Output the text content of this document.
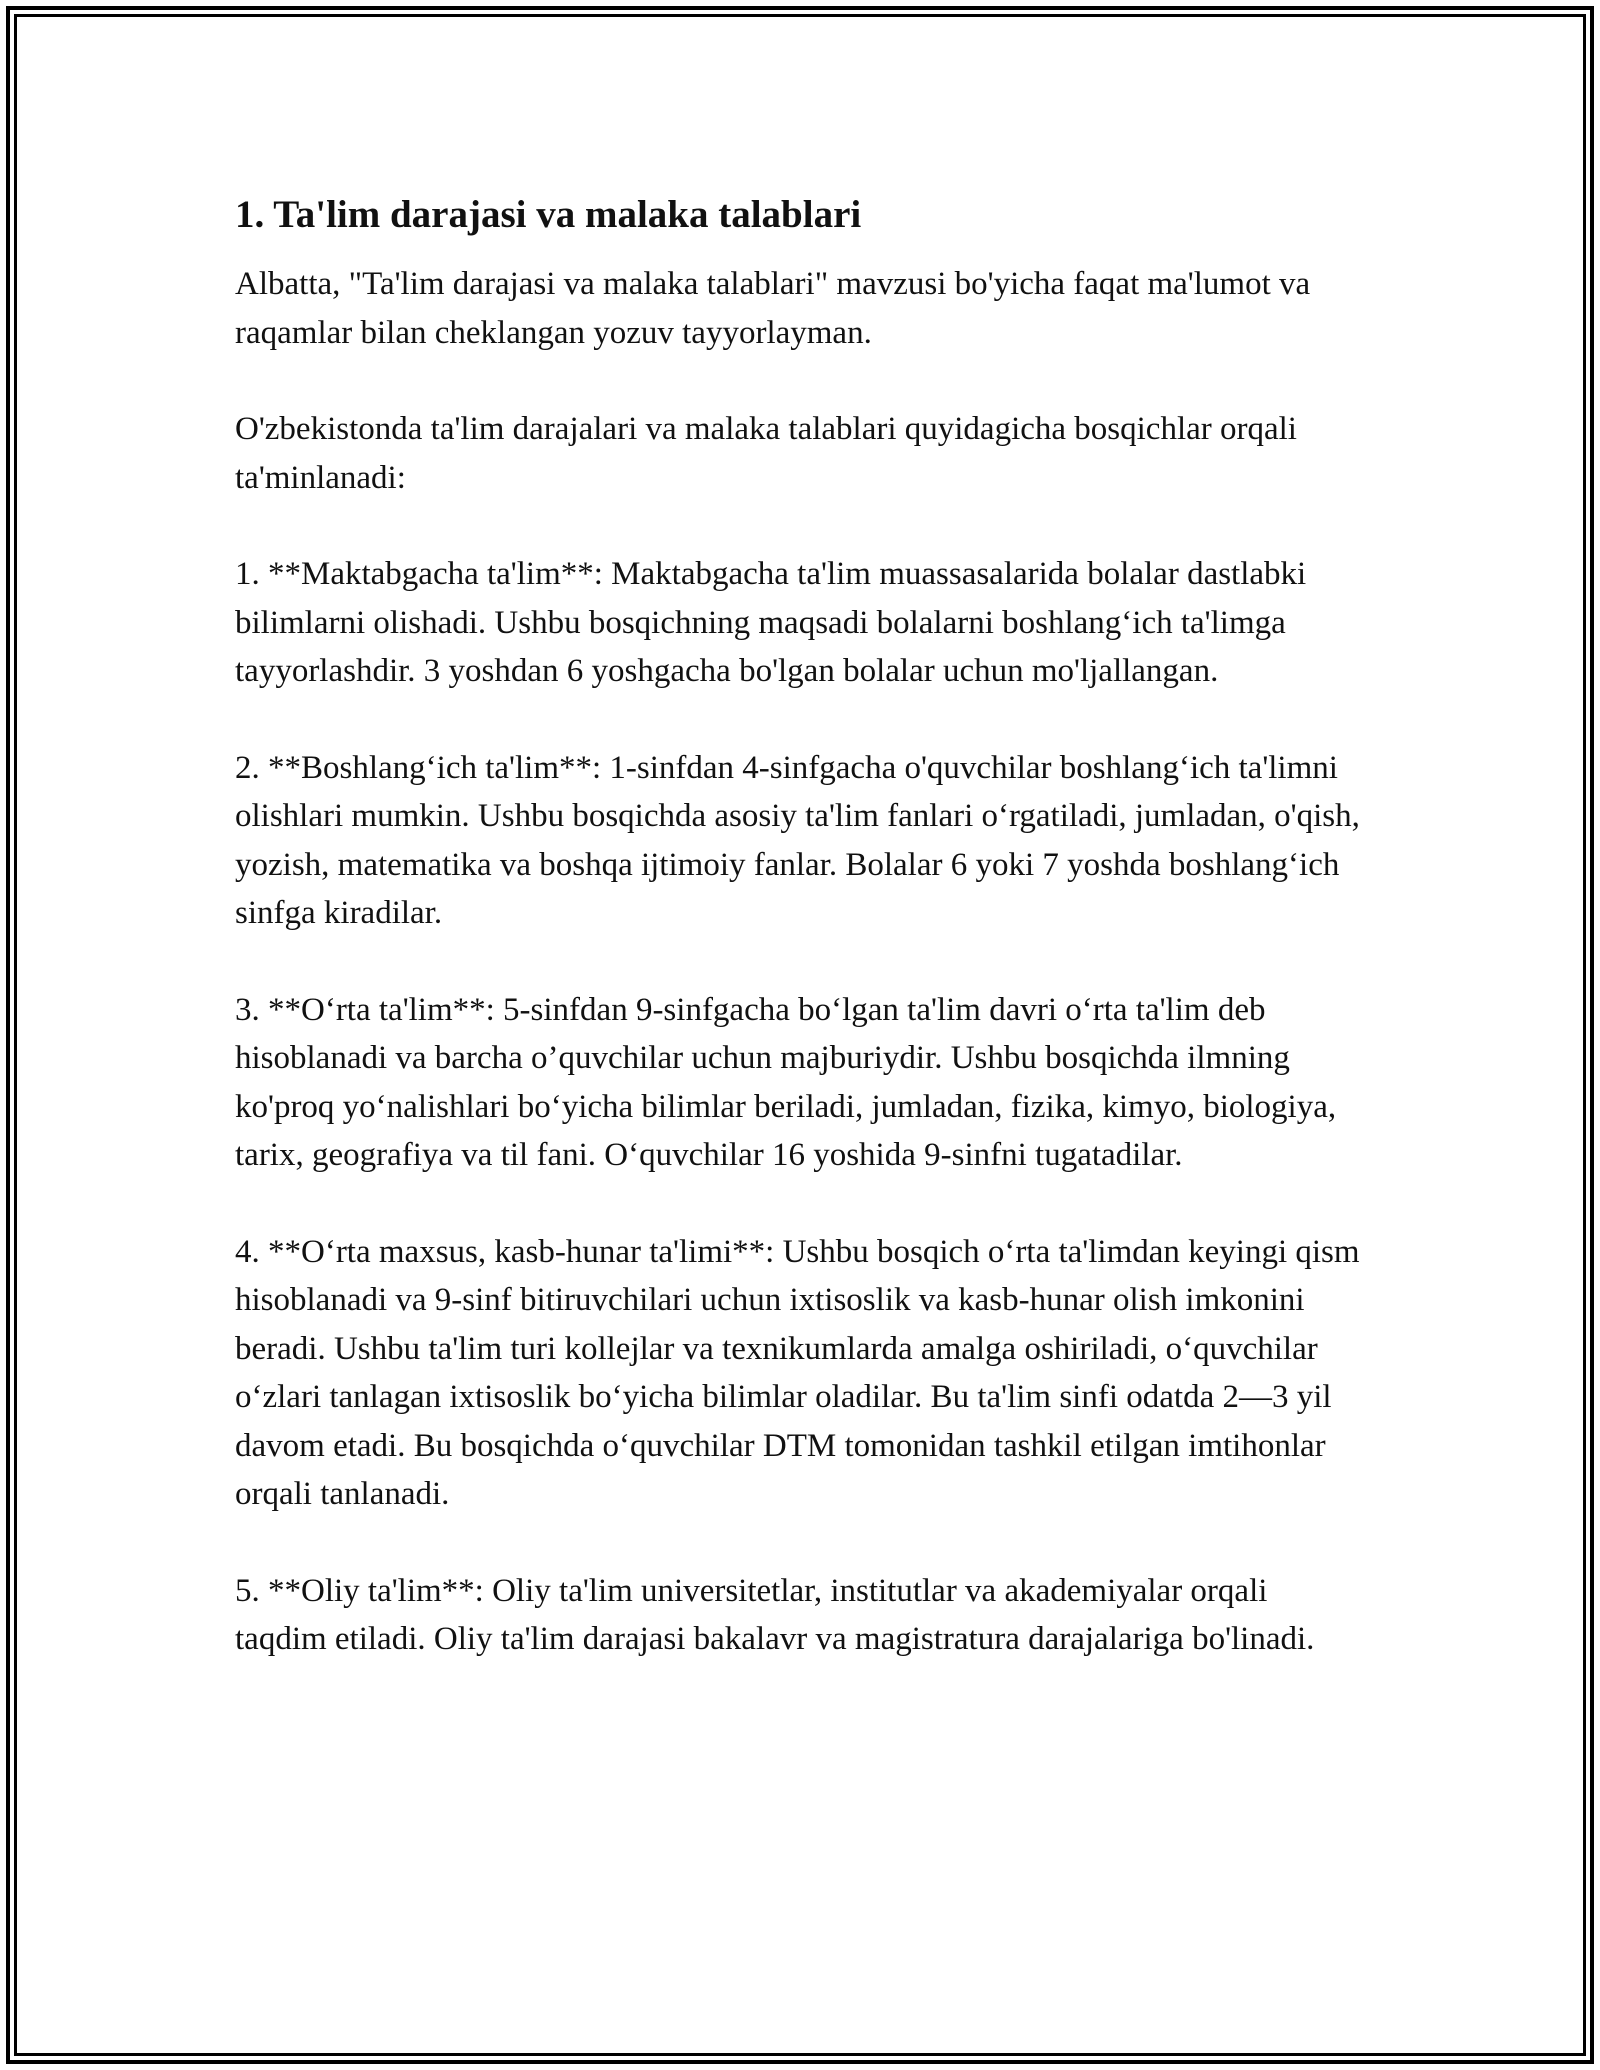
1. Ta'lim darajasi va malaka talablari

Albatta, "Ta'lim darajasi va malaka talablari" mavzusi bo'yicha faqat ma'lumot va raqamlar bilan cheklangan yozuv tayyorlayman.

O'zbekistonda ta'lim darajalari va malaka talablari quyidagicha bosqichlar orqali ta'minlanadi:

1. **Maktabgacha ta'lim**: Maktabgacha ta'lim muassasalarida bolalar dastlabki bilimlarni olishadi. Ushbu bosqichning maqsadi bolalarni boshlang‘ich ta'limga tayyorlashdir. 3 yoshdan 6 yoshgacha bo'lgan bolalar uchun mo'ljallangan.

2. **Boshlang‘ich ta'lim**: 1-sinfdan 4-sinfgacha o'quvchilar boshlang‘ich ta'limni olishlari mumkin. Ushbu bosqichda asosiy ta'lim fanlari o‘rgatiladi, jumladan, o'qish, yozish, matematika va boshqa ijtimoiy fanlar. Bolalar 6 yoki 7 yoshda boshlang‘ich sinfga kiradilar.

3. **O‘rta ta'lim**: 5-sinfdan 9-sinfgacha bo‘lgan ta'lim davri o‘rta ta'lim deb hisoblanadi va barcha o’quvchilar uchun majburiydir. Ushbu bosqichda ilmning ko'proq yo‘nalishlari bo‘yicha bilimlar beriladi, jumladan, fizika, kimyo, biologiya, tarix, geografiya va til fani. O‘quvchilar 16 yoshida 9-sinfni tugatadilar.

4. **O‘rta maxsus, kasb-hunar ta'limi**: Ushbu bosqich o‘rta ta'limdan keyingi qism hisoblanadi va 9-sinf bitiruvchilari uchun ixtisoslik va kasb-hunar olish imkonini beradi. Ushbu ta'lim turi kollejlar va texnikumlarda amalga oshiriladi, o‘quvchilar o‘zlari tanlagan ixtisoslik bo‘yicha bilimlar oladilar. Bu ta'lim sinfi odatda 2—3 yil davom etadi. Bu bosqichda o‘quvchilar DTM tomonidan tashkil etilgan imtihonlar orqali tanlanadi.

5. **Oliy ta'lim**: Oliy ta'lim universitetlar, institutlar va akademiyalar orqali taqdim etiladi. Oliy ta'lim darajasi bakalavr va magistratura darajalariga bo'linadi.
